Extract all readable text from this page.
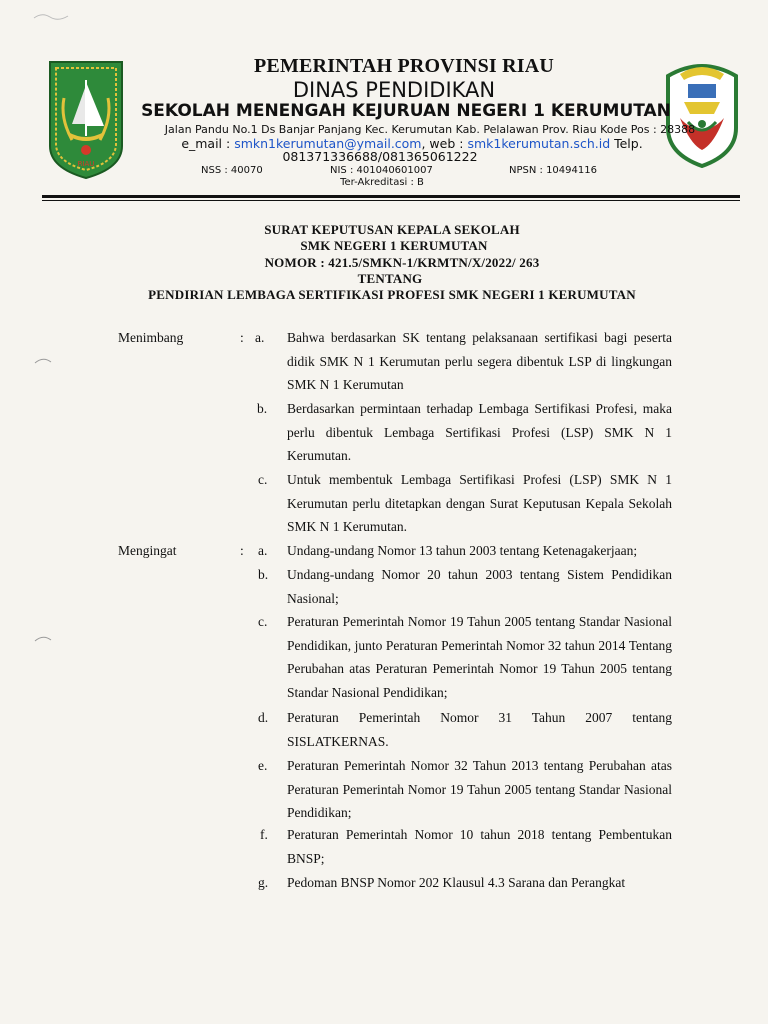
RIAU
PEMERINTAH PROVINSI RIAU
DINAS PENDIDIKAN
SEKOLAH MENENGAH KEJURUAN NEGERI 1 KERUMUTAN
Jalan Pandu No.1 Ds Banjar Panjang Kec. Kerumutan Kab. Pelalawan Prov. Riau Kode Pos : 28388
e_mail : smkn1kerumutan@ymail.com, web : smk1kerumutan.sch.id Telp.
081371336688/081365061222
NSS : 40070	NIS : 401040601007	NPSN : 10494116
Ter-Akreditasi : B
SURAT KEPUTUSAN KEPALA SEKOLAH
SMK NEGERI 1 KERUMUTAN
NOMOR : 421.5/SMKN-1/KRMTN/X/2022/ 263
TENTANG
PENDIRIAN LEMBAGA SERTIFIKASI PROFESI SMK NEGERI 1 KERUMUTAN
Menimbang	: a. Bahwa berdasarkan SK tentang pelaksanaan sertifikasi bagi peserta didik SMK N 1 Kerumutan perlu segera dibentuk LSP di lingkungan SMK N 1 Kerumutan
b. Berdasarkan permintaan terhadap Lembaga Sertifikasi Profesi, maka perlu dibentuk Lembaga Sertifikasi Profesi (LSP) SMK N 1 Kerumutan.
c. Untuk membentuk Lembaga Sertifikasi Profesi (LSP) SMK N 1 Kerumutan perlu ditetapkan dengan Surat Keputusan Kepala Sekolah SMK N 1 Kerumutan.
Mengingat	: a. Undang-undang Nomor 13 tahun 2003 tentang Ketenagakerjaan;
b. Undang-undang Nomor 20 tahun 2003 tentang Sistem Pendidikan Nasional;
c. Peraturan Pemerintah Nomor 19 Tahun 2005 tentang Standar Nasional Pendidikan, junto Peraturan Pemerintah Nomor 32 tahun 2014 Tentang Perubahan atas Peraturan Pemerintah Nomor 19 Tahun 2005 tentang Standar Nasional Pendidikan;
d. Peraturan Pemerintah Nomor 31 Tahun 2007 tentang SISLATKERNAS.
e. Peraturan Pemerintah Nomor 32 Tahun 2013 tentang Perubahan atas Peraturan Pemerintah Nomor 19 Tahun 2005 tentang Standar Nasional Pendidikan;
f. Peraturan Pemerintah Nomor 10 tahun 2018 tentang Pembentukan BNSP;
g. Pedoman BNSP Nomor 202 Klausul 4.3 Sarana dan Perangkat
